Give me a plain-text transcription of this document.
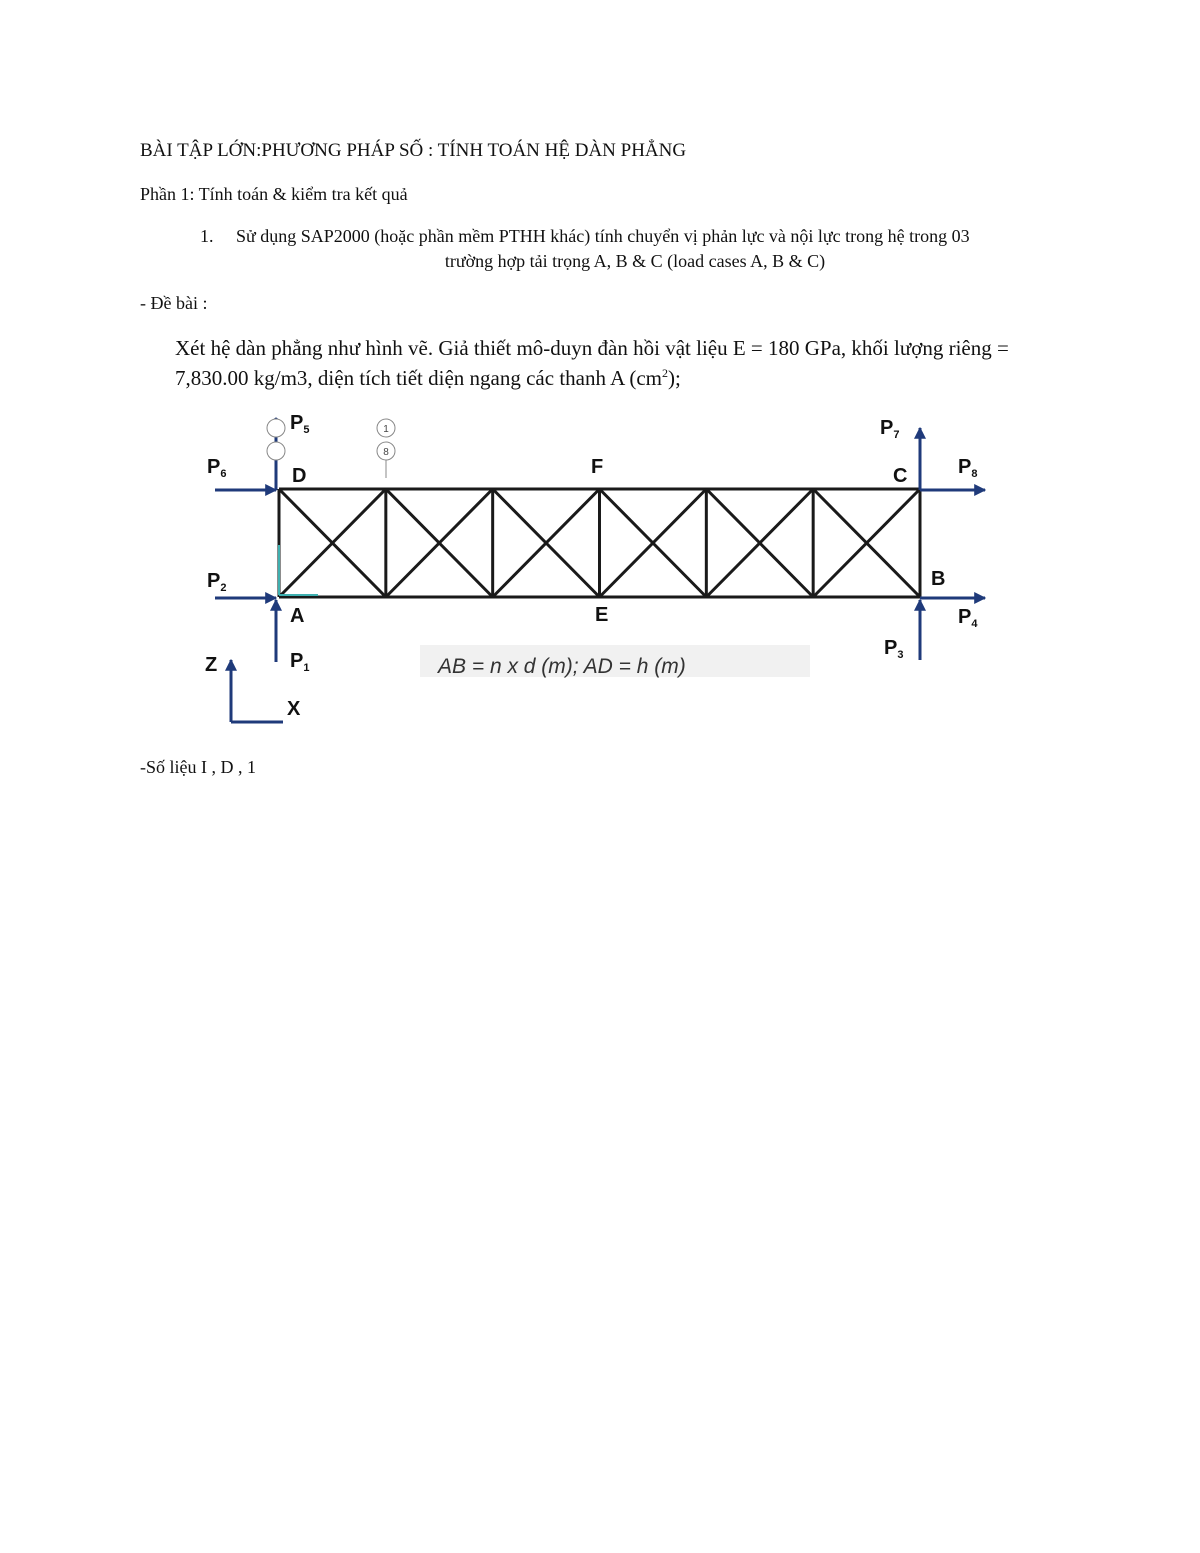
BÀI TẬP LỚN:PHƯƠNG PHÁP SỐ : TÍNH TOÁN HỆ DÀN PHẲNG
Phần 1: Tính toán & kiểm tra kết quả
1. Sử dụng SAP2000 (hoặc phần mềm PTHH khác) tính chuyển vị phản lực và nội lực trong hệ trong 03
trường hợp tải trọng A, B & C (load cases A, B & C)
- Đề bài :
Xét hệ dàn phẳng như hình vẽ. Giả thiết mô-duyn đàn hồi vật liệu E = 180 GPa, khối lượng riêng =
7,830.00 kg/m3, diện tích tiết diện ngang các thanh A $(cm^2)$;
AB = n x d (m); AD = h (m)
Z
X
1
8
D	F	C
B
A	E
$P_5$
$P_6$
$P_2$
$P_1$
$P_7$
$P_8$
$P_4$
$P_3$
-Số liệu I , D , 1
